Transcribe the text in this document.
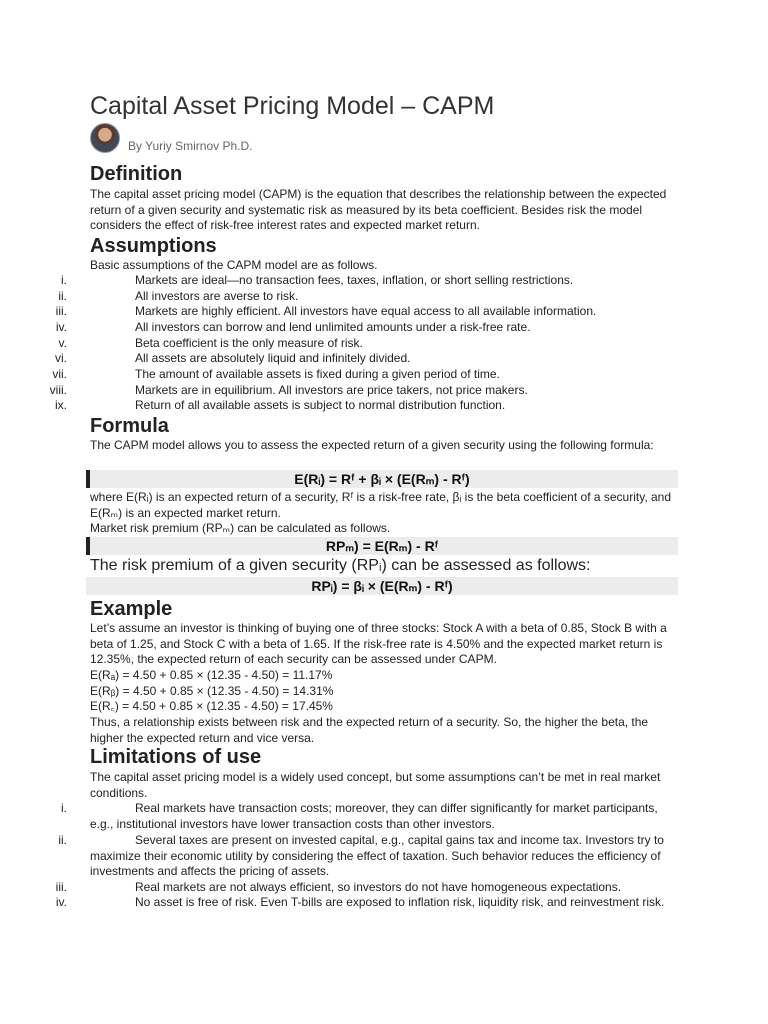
Capital Asset Pricing Model – CAPM
By Yuriy Smirnov Ph.D.
Definition
The capital asset pricing model (CAPM) is the equation that describes the relationship between the expected return of a given security and systematic risk as measured by its beta coefficient. Besides risk the model considers the effect of risk-free interest rates and expected market return.
Assumptions
Basic assumptions of the CAPM model are as follows.
i.	Markets are ideal—no transaction fees, taxes, inflation, or short selling restrictions.
ii.	All investors are averse to risk.
iii.	Markets are highly efficient. All investors have equal access to all available information.
iv.	All investors can borrow and lend unlimited amounts under a risk-free rate.
v.	Beta coefficient is the only measure of risk.
vi.	All assets are absolutely liquid and infinitely divided.
vii.	The amount of available assets is fixed during a given period of time.
viii.	Markets are in equilibrium. All investors are price takers, not price makers.
ix.	Return of all available assets is subject to normal distribution function.
Formula
The CAPM model allows you to assess the expected return of a given security using the following formula:
E(Rᵢ) = Rᶠ + βᵢ × (E(Rₘ) - Rᶠ)
where E(Rᵢ) is an expected return of a security, Rᶠ is a risk-free rate, βᵢ is the beta coefficient of a security, and E(Rₘ) is an expected market return.
Market risk premium (RPₘ) can be calculated as follows.
RPₘ) = E(Rₘ) - Rᶠ
The risk premium of a given security (RPᵢ) can be assessed as follows:
RPᵢ) = βᵢ × (E(Rₘ) - Rᶠ)
Example
Let’s assume an investor is thinking of buying one of three stocks: Stock A with a beta of 0.85, Stock B with a beta of 1.25, and Stock C with a beta of 1.65. If the risk-free rate is 4.50% and the expected market return is 12.35%, the expected return of each security can be assessed under CAPM.
E(Rₐ) = 4.50 + 0.85 × (12.35 - 4.50) = 11.17%
E(Rᵦ) = 4.50 + 0.85 × (12.35 - 4.50) = 14.31%
E(R꜀) = 4.50 + 0.85 × (12.35 - 4.50) = 17.45%
Thus, a relationship exists between risk and the expected return of a security. So, the higher the beta, the higher the expected return and vice versa.
Limitations of use
The capital asset pricing model is a widely used concept, but some assumptions can’t be met in real market conditions.
i.	Real markets have transaction costs; moreover, they can differ significantly for market participants, e.g., institutional investors have lower transaction costs than other investors.
ii.	Several taxes are present on invested capital, e.g., capital gains tax and income tax. Investors try to maximize their economic utility by considering the effect of taxation. Such behavior reduces the efficiency of investments and affects the pricing of assets.
iii.	Real markets are not always efficient, so investors do not have homogeneous expectations.
iv.	No asset is free of risk. Even T-bills are exposed to inflation risk, liquidity risk, and reinvestment risk.
